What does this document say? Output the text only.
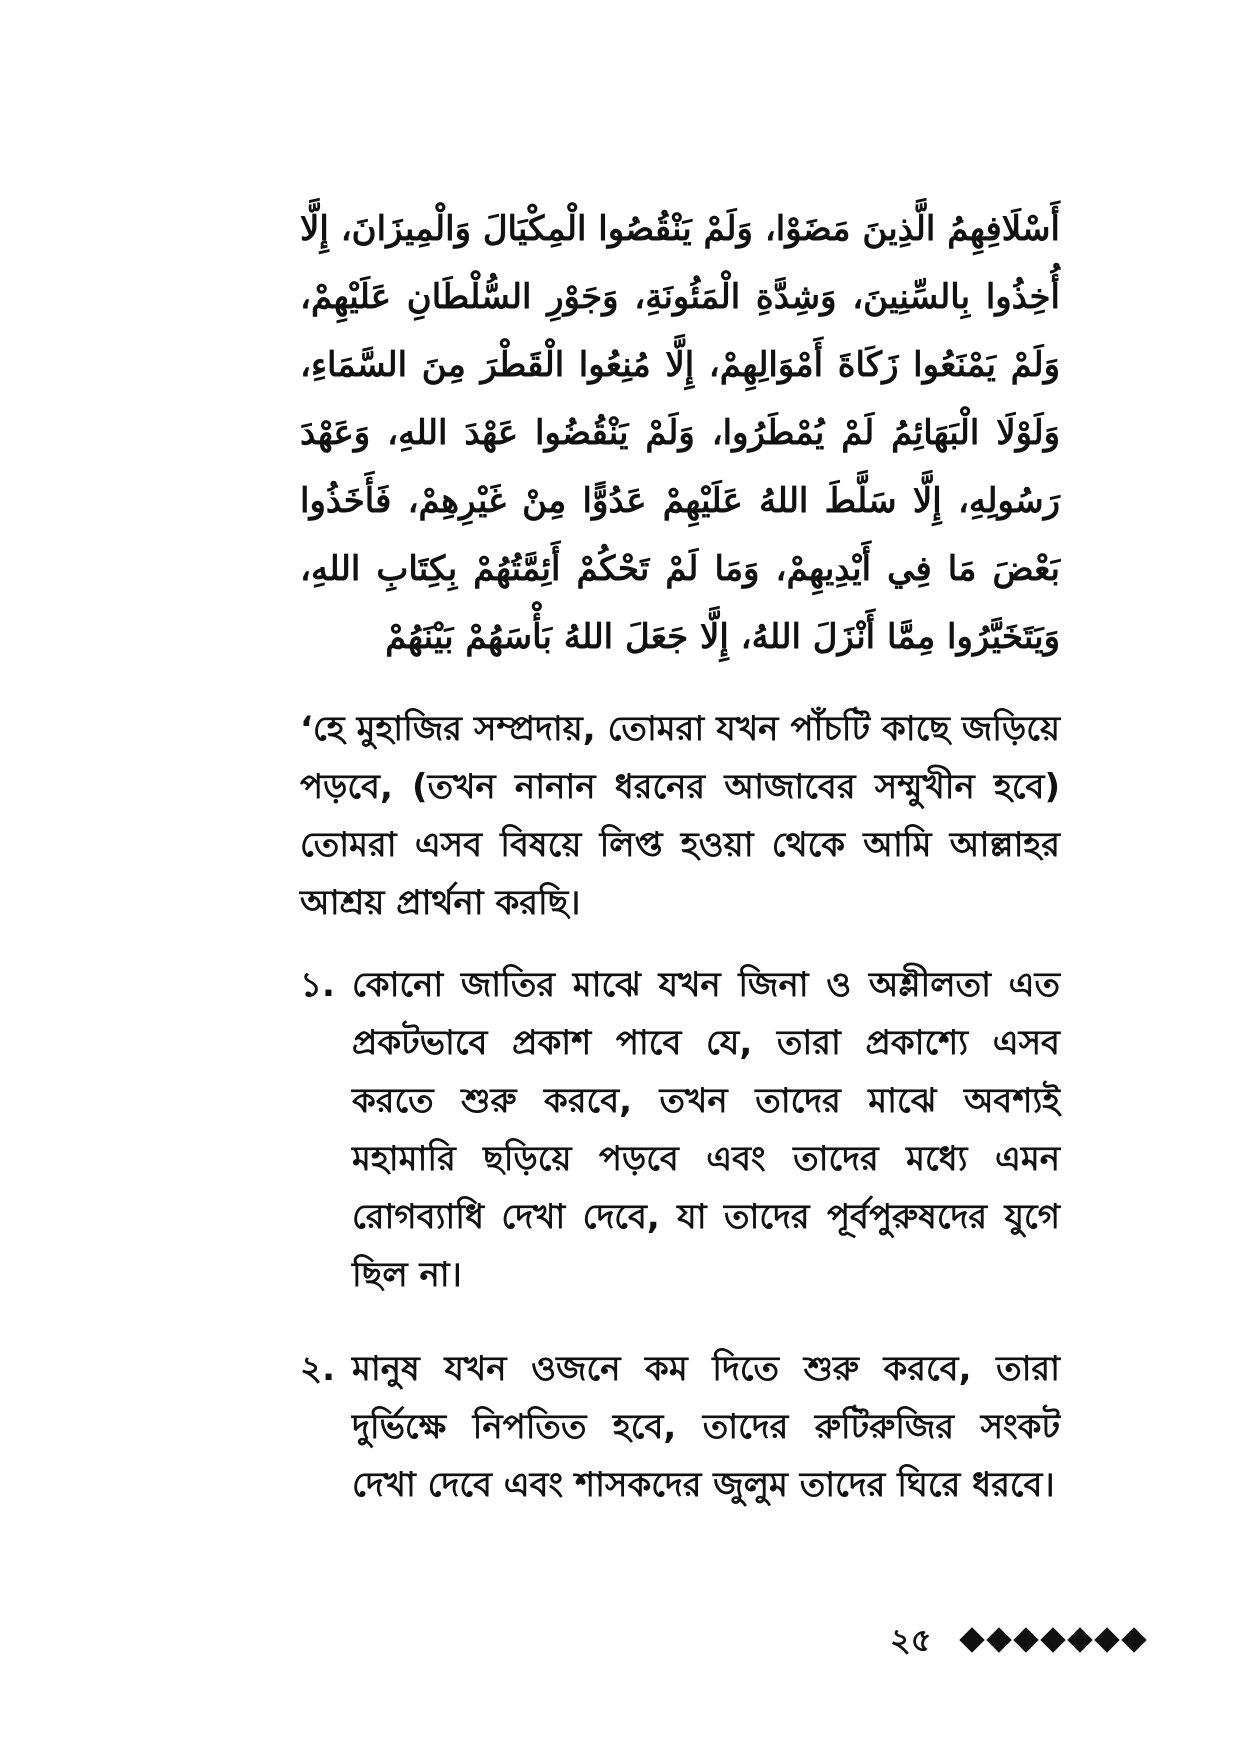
أَسْلَافِهِمُ الَّذِينَ مَضَوْا، وَلَمْ يَنْقُصُوا الْمِكْيَالَ وَالْمِيزَانَ، إِلَّا أُخِذُوا بِالسِّنِينَ، وَشِدَّةِ الْمَئُونَةِ، وَجَوْرِ السُّلْطَانِ عَلَيْهِمْ، وَلَمْ يَمْنَعُوا زَكَاةَ أَمْوَالِهِمْ، إِلَّا مُنِعُوا الْقَطْرَ مِنَ السَّمَاءِ، وَلَوْلَا الْبَهَائِمُ لَمْ يُمْطَرُوا، وَلَمْ يَنْقُضُوا عَهْدَ اللهِ، وَعَهْدَ رَسُولِهِ، إِلَّا سَلَّطَ اللهُ عَلَيْهِمْ عَدُوًّا مِنْ غَيْرِهِمْ، فَأَخَذُوا بَعْضَ مَا فِي أَيْدِيهِمْ، وَمَا لَمْ تَحْكُمْ أَئِمَّتُهُمْ بِكِتَابِ اللهِ، وَيَتَخَيَّرُوا مِمَّا أَنْزَلَ اللهُ، إِلَّا جَعَلَ اللهُ بَأْسَهُمْ بَيْنَهُمْ
‘হে মুহাজির সম্প্রদায়, তোমরা যখন পাঁচটি কাছে জড়িয়ে পড়বে, (তখন নানান ধরনের আজাবের সম্মুখীন হবে) তোমরা এসব বিষয়ে লিপ্ত হওয়া থেকে আমি আল্লাহর আশ্রয় প্রার্থনা করছি।
১. কোনো জাতির মাঝে যখন জিনা ও অশ্লীলতা এত প্রকটভাবে প্রকাশ পাবে যে, তারা প্রকাশ্যে এসব করতে শুরু করবে, তখন তাদের মাঝে অবশ্যই মহামারি ছড়িয়ে পড়বে এবং তাদের মধ্যে এমন রোগব্যাধি দেখা দেবে, যা তাদের পূর্বপুরুষদের যুগে ছিল না।
২. মানুষ যখন ওজনে কম দিতে শুরু করবে, তারা দুর্ভিক্ষে নিপতিত হবে, তাদের রুটিরুজির সংকট দেখা দেবে এবং শাসকদের জুলুম তাদের ঘিরে ধরবে।
২৫
